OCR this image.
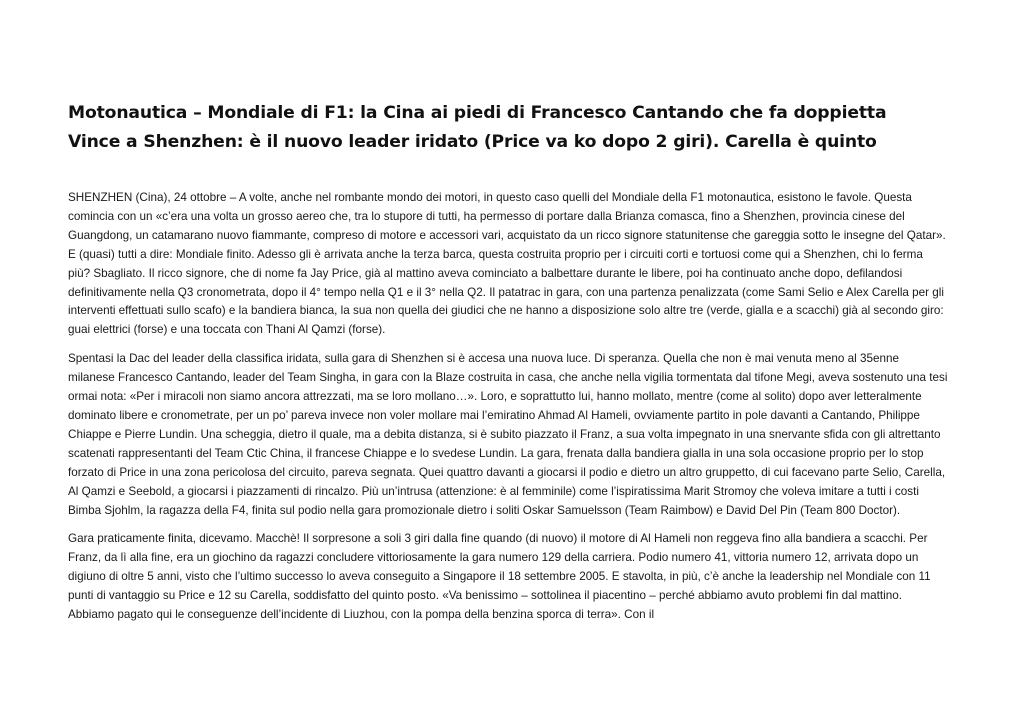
Motonautica – Mondiale di F1: la Cina ai piedi di Francesco Cantando che fa doppietta
Vince a Shenzhen: è il nuovo leader iridato (Price va ko dopo 2 giri). Carella è quinto

SHENZHEN (Cina), 24 ottobre – A volte, anche nel rombante mondo dei motori, in questo caso quelli del Mondiale della F1 motonautica, esistono le favole. Questa comincia con un «c’era una volta un grosso aereo che, tra lo stupore di tutti, ha permesso di portare dalla Brianza comasca, fino a Shenzhen, provincia cinese del Guangdong, un catamarano nuovo fiammante, compreso di motore e accessori vari, acquistato da un ricco signore statunitense che gareggia sotto le insegne del Qatar». E (quasi) tutti a dire: Mondiale finito. Adesso gli è arrivata anche la terza barca, questa costruita proprio per i circuiti corti e tortuosi come qui a Shenzhen, chi lo ferma più? Sbagliato. Il ricco signore, che di nome fa Jay Price, già al mattino aveva cominciato a balbettare durante le libere, poi ha continuato anche dopo, defilandosi definitivamente nella Q3 cronometrata, dopo il 4° tempo nella Q1 e il 3° nella Q2. Il patatrac in gara, con una partenza penalizzata (come Sami Selio e Alex Carella per gli interventi effettuati sullo scafo) e la bandiera bianca, la sua non quella dei giudici che ne hanno a disposizione solo altre tre (verde, gialla e a scacchi) già al secondo giro: guai elettrici (forse) e una toccata con Thani Al Qamzi (forse).

Spentasi la Dac del leader della classifica iridata, sulla gara di Shenzhen si è accesa una nuova luce. Di speranza. Quella che non è mai venuta meno al 35enne milanese Francesco Cantando, leader del Team Singha, in gara con la Blaze costruita in casa, che anche nella vigilia tormentata dal tifone Megi, aveva sostenuto una tesi ormai nota: «Per i miracoli non siamo ancora attrezzati, ma se loro mollano…». Loro, e soprattutto lui, hanno mollato, mentre (come al solito) dopo aver letteralmente dominato libere e cronometrate, per un po’ pareva invece non voler mollare mai l’emiratino Ahmad Al Hameli, ovviamente partito in pole davanti a Cantando, Philippe Chiappe e Pierre Lundin. Una scheggia, dietro il quale, ma a debita distanza, si è subito piazzato il Franz, a sua volta impegnato in una snervante sfida con gli altrettanto scatenati rappresentanti del Team Ctic China, il francese Chiappe e lo svedese Lundin. La gara, frenata dalla bandiera gialla in una sola occasione proprio per lo stop forzato di Price in una zona pericolosa del circuito, pareva segnata. Quei quattro davanti a giocarsi il podio e dietro un altro gruppetto, di cui facevano parte Selio, Carella, Al Qamzi e Seebold, a giocarsi i piazzamenti di rincalzo. Più un’intrusa (attenzione: è al femminile) come l’ispiratissima Marit Stromoy che voleva imitare a tutti i costi Bimba Sjohlm, la ragazza della F4, finita sul podio nella gara promozionale dietro i soliti Oskar Samuelsson (Team Raimbow) e David Del Pin (Team 800 Doctor).

Gara praticamente finita, dicevamo. Macchè! Il sorpresone a soli 3 giri dalla fine quando (di nuovo) il motore di Al Hameli non reggeva fino alla bandiera a scacchi. Per Franz, da lì alla fine, era un giochino da ragazzi concludere vittoriosamente la gara numero 129 della carriera. Podio numero 41, vittoria numero 12, arrivata dopo un digiuno di oltre 5 anni, visto che l’ultimo successo lo aveva conseguito a Singapore il 18 settembre 2005. E stavolta, in più, c’è anche la leadership nel Mondiale con 11 punti di vantaggio su Price e 12 su Carella, soddisfatto del quinto posto. «Va benissimo – sottolinea il piacentino – perché abbiamo avuto problemi fin dal mattino. Abbiamo pagato qui le conseguenze dell’incidente di Liuzhou, con la pompa della benzina sporca di terra». Con il
